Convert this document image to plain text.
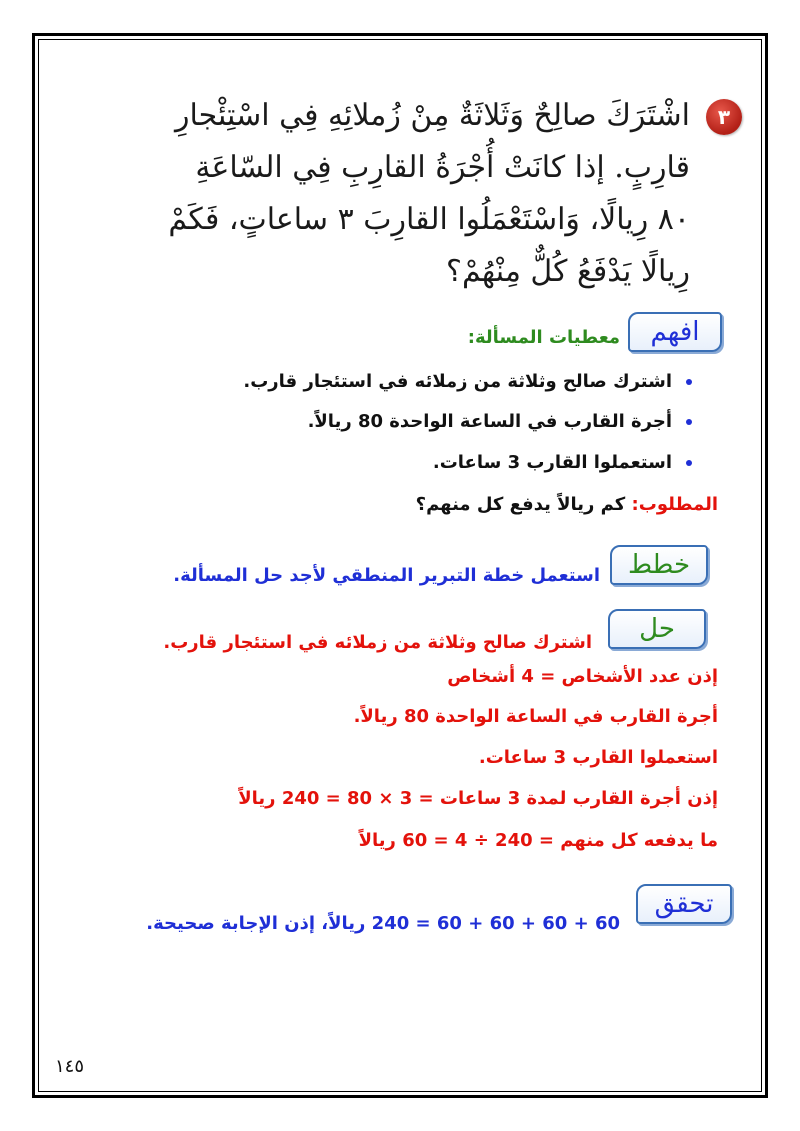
٣
اشْتَرَكَ صالِحٌ وَثَلاثَةٌ مِنْ زُملائِهِ فِي اسْتِئْجارِ
قارِبٍ. إذا كانَتْ أُجْرَةُ القارِبِ فِي السّاعَةِ
٨٠ رِيالًا، وَاسْتَعْمَلُوا القارِبَ ٣ ساعاتٍ، فَكَمْ
رِيالًا يَدْفَعُ كُلٌّ مِنْهُمْ؟
افهم
معطيات المسألة:
اشترك صالح وثلاثة من زملائه في استئجار قارب.
أجرة القارب في الساعة الواحدة 80 ريالاً.
استعملوا القارب 3 ساعات.
المطلوب: كم ريالاً يدفع كل منهم؟
خطط
استعمل خطة التبرير المنطقي لأجد حل المسألة.
حل
اشترك صالح وثلاثة من زملائه في استئجار قارب.
إذن عدد الأشخاص = 4 أشخاص
أجرة القارب في الساعة الواحدة 80 ريالاً.
استعملوا القارب 3 ساعات.
إذن أجرة القارب لمدة 3 ساعات = 3 × 80 = 240 ريالاً
ما يدفعه كل منهم = 240 ÷ 4 = 60 ريالاً
تحقق
60 + 60 + 60 + 60 = 240 ريالاً، إذن الإجابة صحيحة.
١٤٥
